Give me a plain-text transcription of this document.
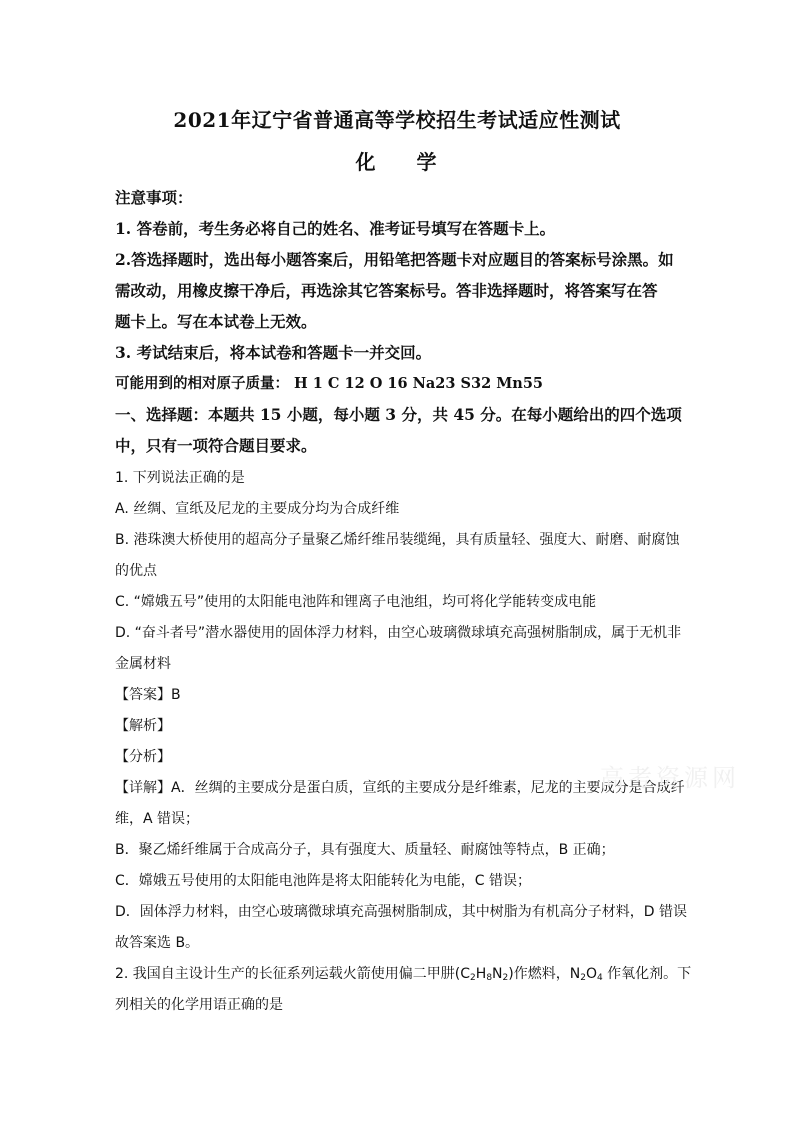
2021年辽宁省普通高等学校招生考试适应性测试
化 学
注意事项：
1. 答卷前，考生务必将自己的姓名、准考证号填写在答题卡上。
2.答选择题时，选出每小题答案后，用铅笔把答题卡对应题目的答案标号涂黑。如
需改动，用橡皮擦干净后，再选涂其它答案标号。答非选择题时，将答案写在答
题卡上。写在本试卷上无效。
3. 考试结束后，将本试卷和答题卡一并交回。
可能用到的相对原子质量： H 1 C 12 O 16 Na23 S32 Mn55
一、选择题：本题共 15 小题，每小题 3 分，共 45 分。在每小题给出的四个选项
中，只有一项符合题目要求。
1. 下列说法正确的是
A. 丝绸、宣纸及尼龙的主要成分均为合成纤维
B. 港珠澳大桥使用的超高分子量聚乙烯纤维吊装缆绳，具有质量轻、强度大、耐磨、耐腐蚀
的优点
C. “嫦娥五号”使用的太阳能电池阵和锂离子电池组，均可将化学能转变成电能
D. “奋斗者号”潜水器使用的固体浮力材料，由空心玻璃微球填充高强树脂制成，属于无机非
金属材料
【答案】B
【解析】
【分析】
【详解】A．丝绸的主要成分是蛋白质，宣纸的主要成分是纤维素，尼龙的主要成分是合成纤
维，A 错误；
B．聚乙烯纤维属于合成高分子，具有强度大、质量轻、耐腐蚀等特点，B 正确；
C．嫦娥五号使用的太阳能电池阵是将太阳能转化为电能，C 错误；
D．固体浮力材料，由空心玻璃微球填充高强树脂制成，其中树脂为有机高分子材料，D 错误
故答案选 B。
2. 我国自主设计生产的长征系列运载火箭使用偏二甲肼$(C_2H_8N_2)$作燃料，$N_2O_4$ 作氧化剂。下
列相关的化学用语正确的是
高考资源网
